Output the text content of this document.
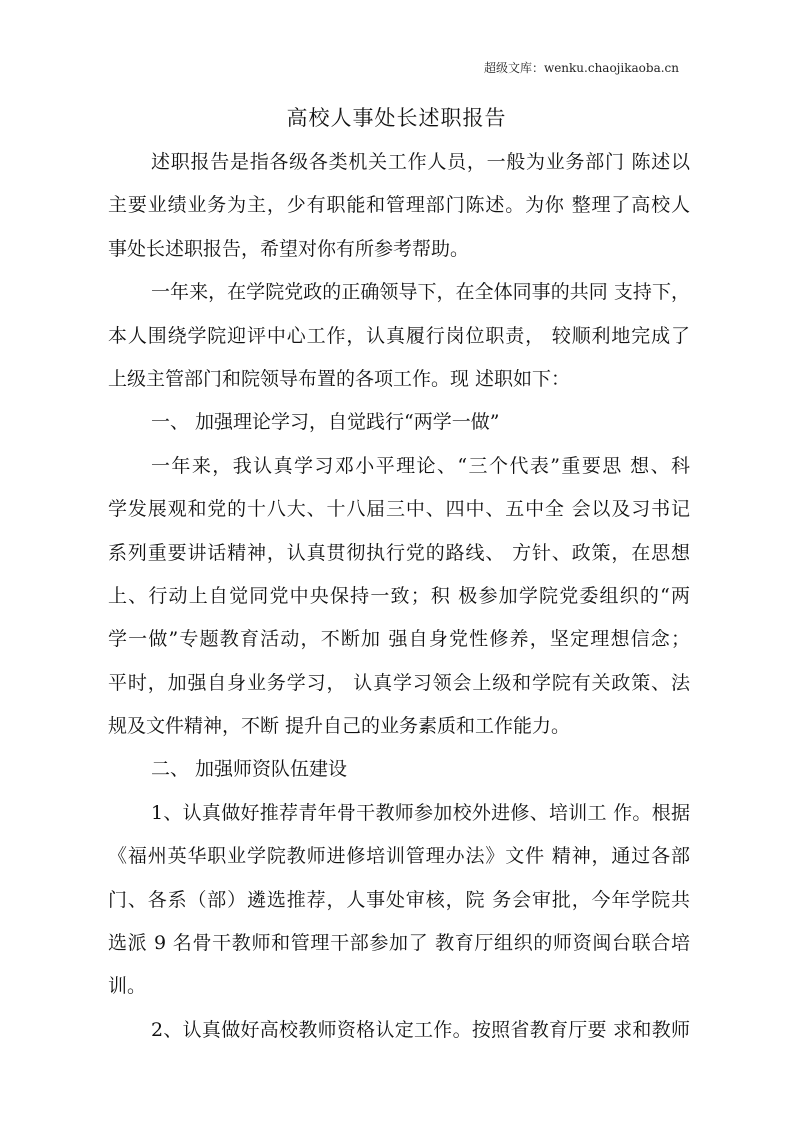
超级文库：wenku.chaojikaoba.cn
高校人事处长述职报告
述职报告是指各级各类机关工作人员，一般为业务部门 陈述以
主要业绩业务为主，少有职能和管理部门陈述。为你 整理了高校人
事处长述职报告，希望对你有所参考帮助。
一年来，在学院党政的正确领导下，在全体同事的共同 支持下，
本人围绕学院迎评中心工作，认真履行岗位职责， 较顺利地完成了
上级主管部门和院领导布置的各项工作。现 述职如下：
一、 加强理论学习，自觉践行“两学一做”
一年来，我认真学习邓小平理论、“三个代表”重要思 想、科
学发展观和党的十八大、十八届三中、四中、五中全 会以及习书记
系列重要讲话精神，认真贯彻执行党的路线、 方针、政策，在思想
上、行动上自觉同党中央保持一致；积 极参加学院党委组织的“两
学一做”专题教育活动，不断加 强自身党性修养，坚定理想信念；
平时，加强自身业务学习， 认真学习领会上级和学院有关政策、法
规及文件精神，不断 提升自己的业务素质和工作能力。
二、 加强师资队伍建设
1、认真做好推荐青年骨干教师参加校外进修、培训工 作。根据
《福州英华职业学院教师进修培训管理办法》文件 精神，通过各部
门、各系（部）遴选推荐，人事处审核，院 务会审批，今年学院共
选派 9 名骨干教师和管理干部参加了 教育厅组织的师资闽台联合培
训。
2、认真做好高校教师资格认定工作。按照省教育厅要 求和教师
